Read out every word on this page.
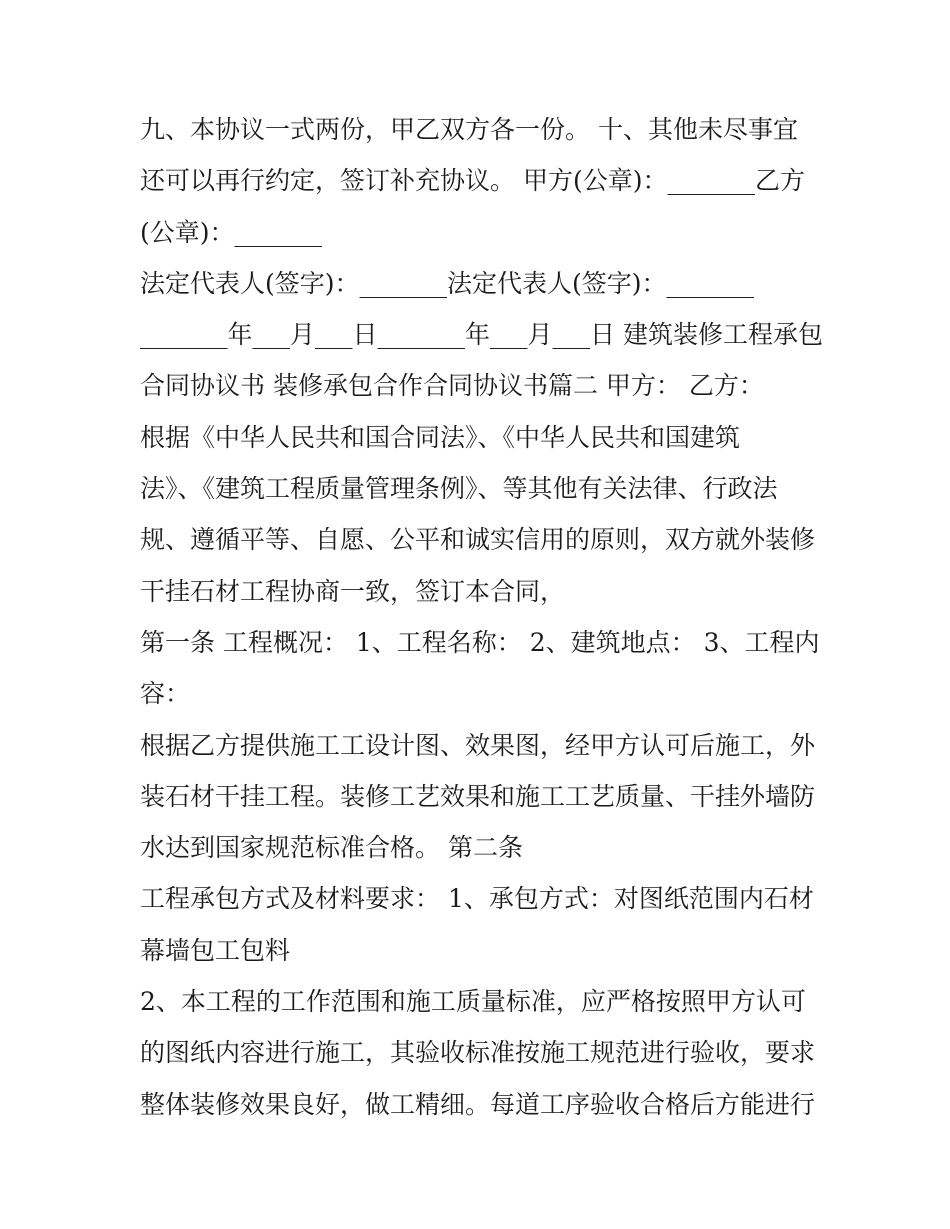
九、本协议一式两份，甲乙双方各一份。 十、其他未尽事宜
还可以再行约定，签订补充协议。 甲方(公章)：_______乙方
(公章)：_______
法定代表人(签字)：_______法定代表人(签字)：_______
_______年___月___日_______年___月___日 建筑装修工程承包
合同协议书 装修承包合作合同协议书篇二 甲方： 乙方：
根据《中华人民共和国合同法》、《中华人民共和国建筑
法》、《建筑工程质量管理条例》、等其他有关法律、行政法
规、遵循平等、自愿、公平和诚实信用的原则，双方就外装修
干挂石材工程协商一致，签订本合同，
第一条 工程概况： 1、工程名称： 2、建筑地点： 3、工程内
容：
根据乙方提供施工工设计图、效果图，经甲方认可后施工，外
装石材干挂工程。装修工艺效果和施工工艺质量、干挂外墙防
水达到国家规范标准合格。 第二条
工程承包方式及材料要求： 1、承包方式：对图纸范围内石材
幕墙包工包料
2、本工程的工作范围和施工质量标准，应严格按照甲方认可
的图纸内容进行施工，其验收标准按施工规范进行验收，要求
整体装修效果良好，做工精细。每道工序验收合格后方能进行
